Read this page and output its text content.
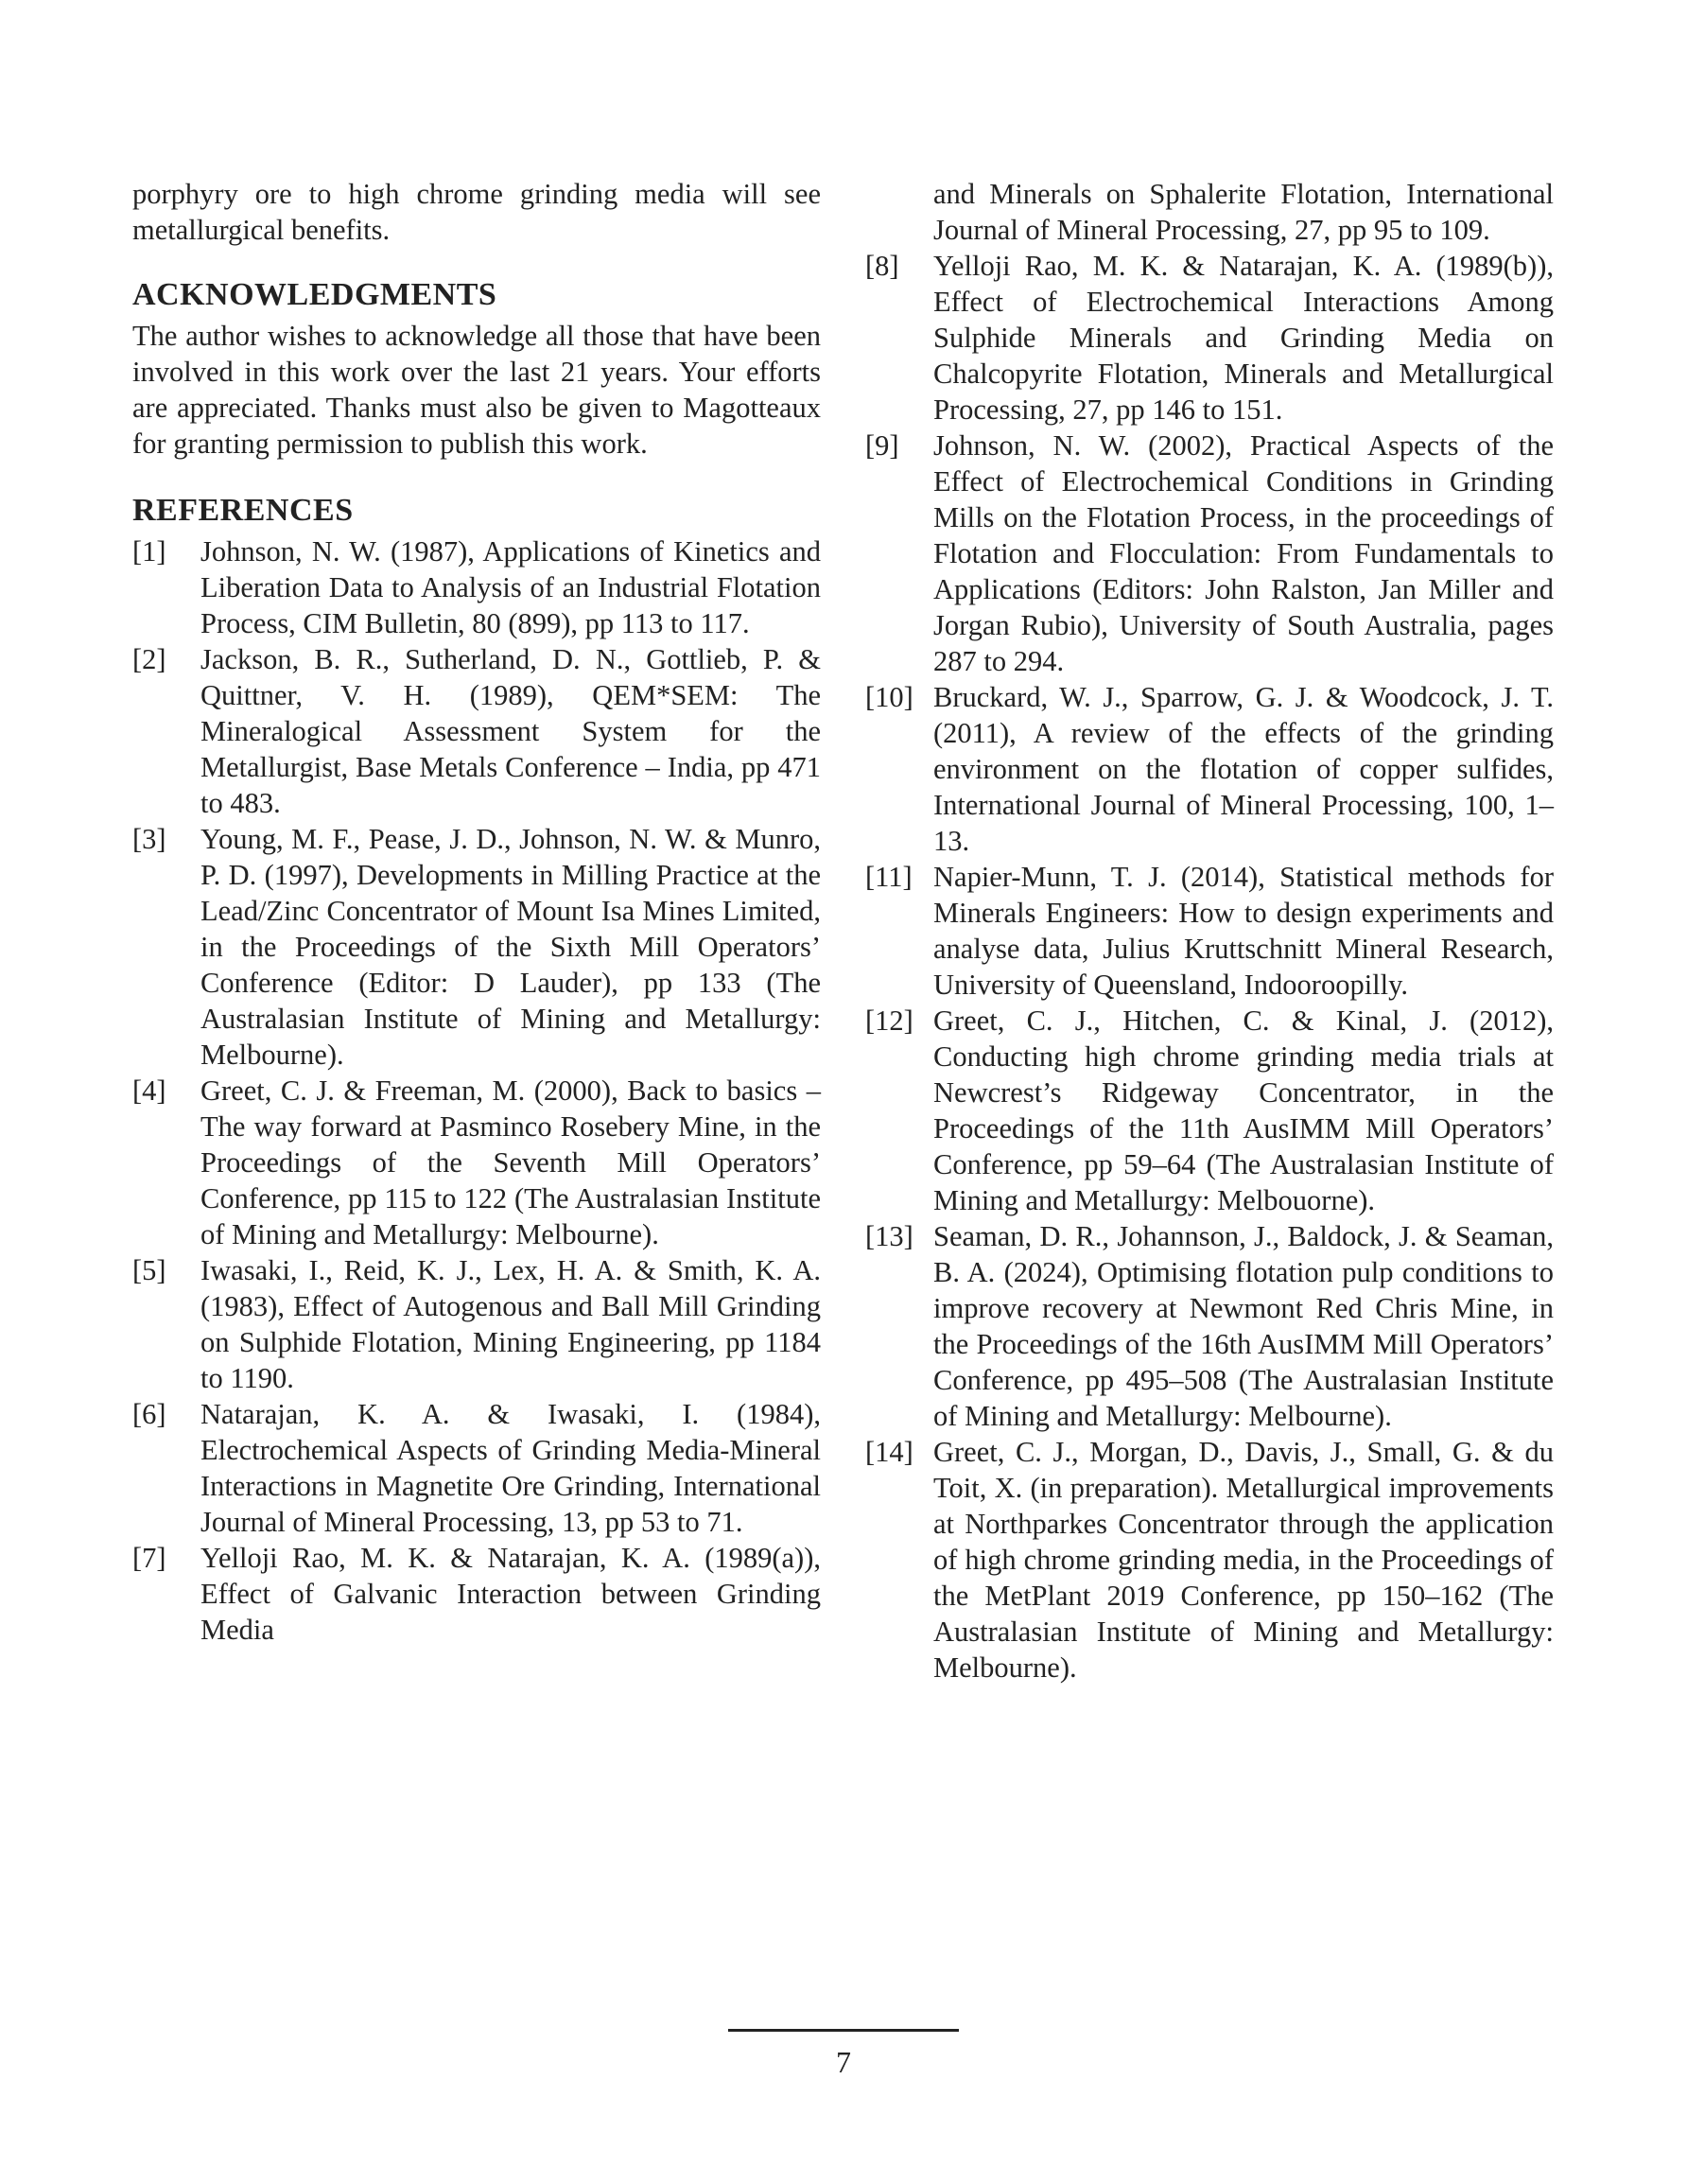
porphyry ore to high chrome grinding media will see metallurgical benefits.

ACKNOWLEDGMENTS

The author wishes to acknowledge all those that have been involved in this work over the last 21 years. Your efforts are appreciated. Thanks must also be given to Magotteaux for granting permission to publish this work.

REFERENCES
[1]	Johnson, N. W. (1987), Applications of Kinetics and Liberation Data to Analysis of an Industrial Flotation Process, CIM Bulletin, 80 (899), pp 113 to 117.
[2]	Jackson, B. R., Sutherland, D. N., Gottlieb, P. & Quittner, V. H. (1989), QEM*SEM: The Mineralogical Assessment System for the Metallurgist, Base Metals Conference – India, pp 471 to 483.
[3]	Young, M. F., Pease, J. D., Johnson, N. W. & Munro, P. D. (1997), Developments in Milling Practice at the Lead/Zinc Concentrator of Mount Isa Mines Limited, in the Proceedings of the Sixth Mill Operators’ Conference (Editor: D Lauder), pp 133 (The Australasian Institute of Mining and Metallurgy: Melbourne).
[4]	Greet, C. J. & Freeman, M. (2000), Back to basics – The way forward at Pasminco Rosebery Mine, in the Proceedings of the Seventh Mill Operators’ Conference, pp 115 to 122 (The Australasian Institute of Mining and Metallurgy: Melbourne).
[5]	Iwasaki, I., Reid, K. J., Lex, H. A. & Smith, K. A. (1983), Effect of Autogenous and Ball Mill Grinding on Sulphide Flotation, Mining Engineering, pp 1184 to 1190.
[6]	Natarajan, K. A. & Iwasaki, I. (1984), Electrochemical Aspects of Grinding Media-Mineral Interactions in Magnetite Ore Grinding, International Journal of Mineral Processing, 13, pp 53 to 71.
[7]	Yelloji Rao, M. K. & Natarajan, K. A. (1989(a)), Effect of Galvanic Interaction between Grinding Media
and Minerals on Sphalerite Flotation, International Journal of Mineral Processing, 27, pp 95 to 109.
[8]	Yelloji Rao, M. K. & Natarajan, K. A. (1989(b)), Effect of Electrochemical Interactions Among Sulphide Minerals and Grinding Media on Chalcopyrite Flotation, Minerals and Metallurgical Processing, 27, pp 146 to 151.
[9]	Johnson, N. W. (2002), Practical Aspects of the Effect of Electrochemical Conditions in Grinding Mills on the Flotation Process, in the proceedings of Flotation and Flocculation: From Fundamentals to Applications (Editors: John Ralston, Jan Miller and Jorgan Rubio), University of South Australia, pages 287 to 294.
[10] Bruckard, W. J., Sparrow, G. J. & Woodcock, J. T. (2011), A review of the effects of the grinding environment on the flotation of copper sulfides, International Journal of Mineral Processing, 100, 1–13.
[11] Napier-Munn, T. J. (2014), Statistical methods for Minerals Engineers: How to design experiments and analyse data, Julius Kruttschnitt Mineral Research, University of Queensland, Indooroopilly.
[12] Greet, C. J., Hitchen, C. & Kinal, J. (2012), Conducting high chrome grinding media trials at Newcrest’s Ridgeway Concentrator, in the Proceedings of the 11th AusIMM Mill Operators’ Conference, pp 59–64 (The Australasian Institute of Mining and Metallurgy: Melbouorne).
[13] Seaman, D. R., Johannson, J., Baldock, J. & Seaman, B. A. (2024), Optimising flotation pulp conditions to improve recovery at Newmont Red Chris Mine, in the Proceedings of the 16th AusIMM Mill Operators’ Conference, pp 495–508 (The Australasian Institute of Mining and Metallurgy: Melbourne).
[14] Greet, C. J., Morgan, D., Davis, J., Small, G. & du Toit, X. (in preparation). Metallurgical improvements at Northparkes Concentrator through the application of high chrome grinding media, in the Proceedings of the MetPlant 2019 Conference, pp 150–162 (The Australasian Institute of Mining and Metallurgy: Melbourne).
7
